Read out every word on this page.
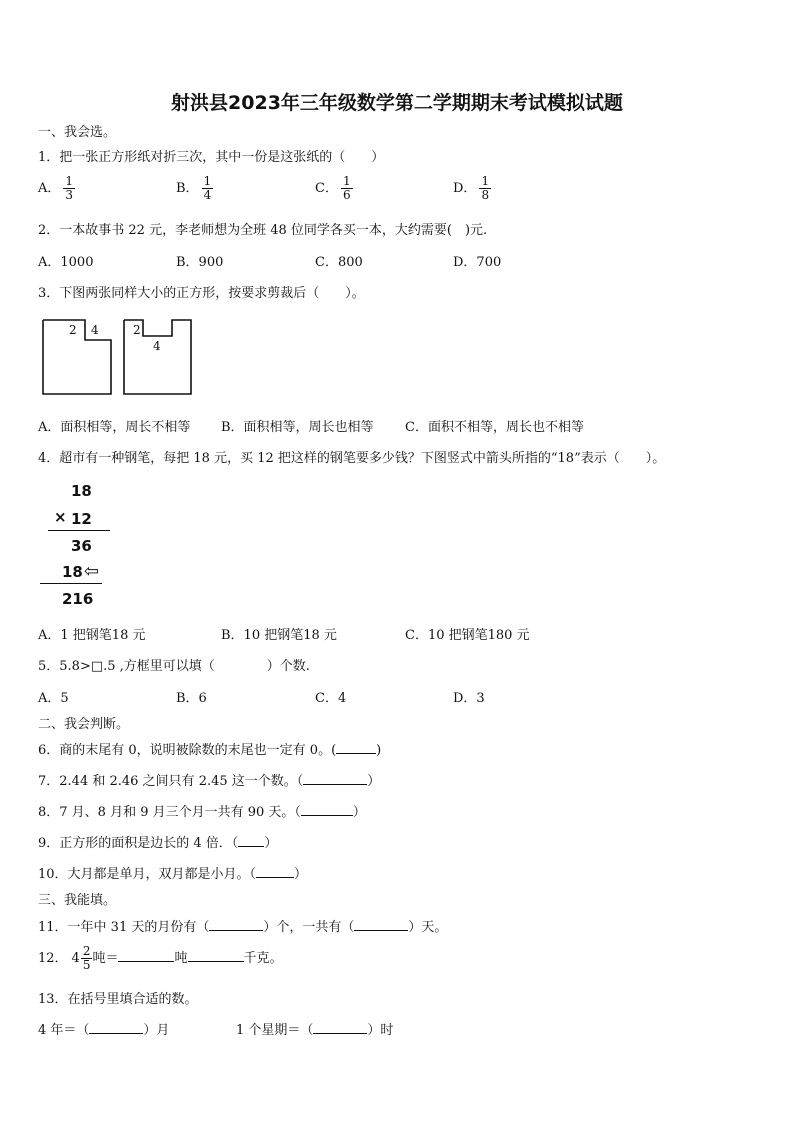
射洪县2023年三年级数学第二学期期末考试模拟试题
一、我会选。
1．把一张正方形纸对折三次，其中一份是这张纸的（　　）
A． $\frac{1}{3}$	B． $\frac{1}{4}$	C． $\frac{1}{6}$	D． $\frac{1}{8}$
2．一本故事书 22 元，李老师想为全班 48 位同学各买一本，大约需要(　)元.
A．1000	B．900	C．800	D．700
3．下图两张同样大小的正方形，按要求剪裁后（　　）。
2 4	2
4
A．面积相等，周长不相等 B．面积相等，周长也相等 C．面积不相等，周长也不相等
4．超市有一种钢笔，每把 18 元，买 12 把这样的钢笔要多少钱？下图竖式中箭头所指的“18”表示（　　）。
18
× 12
36
18 ⇦
216
A．1 把钢笔18 元	B．10 把钢笔18 元	C．10 把钢笔180 元
5．5.8>□.5 ,方框里可以填（　　　　）个数.
A．5	B．6	C．4	D．3
二、我会判断。
6．商的末尾有 0，说明被除数的末尾也一定有 0。(	)
7．2.44 和 2.46 之间只有 2.45 这一个数。（	）
8．7 月、8 月和 9 月三个月一共有 90 天。（	）
9．正方形的面积是边长的 4 倍．（ ）
10．大月都是单月，双月都是小月。（	）
三、我能填。
11．一年中 31 天的月份有（	）个，一共有（	）天。
12． $4 \frac{2}{5}$ 吨＝	吨	千克。
13．在括号里填合适的数。
4 年＝（	）月	1 个星期＝（	）时
